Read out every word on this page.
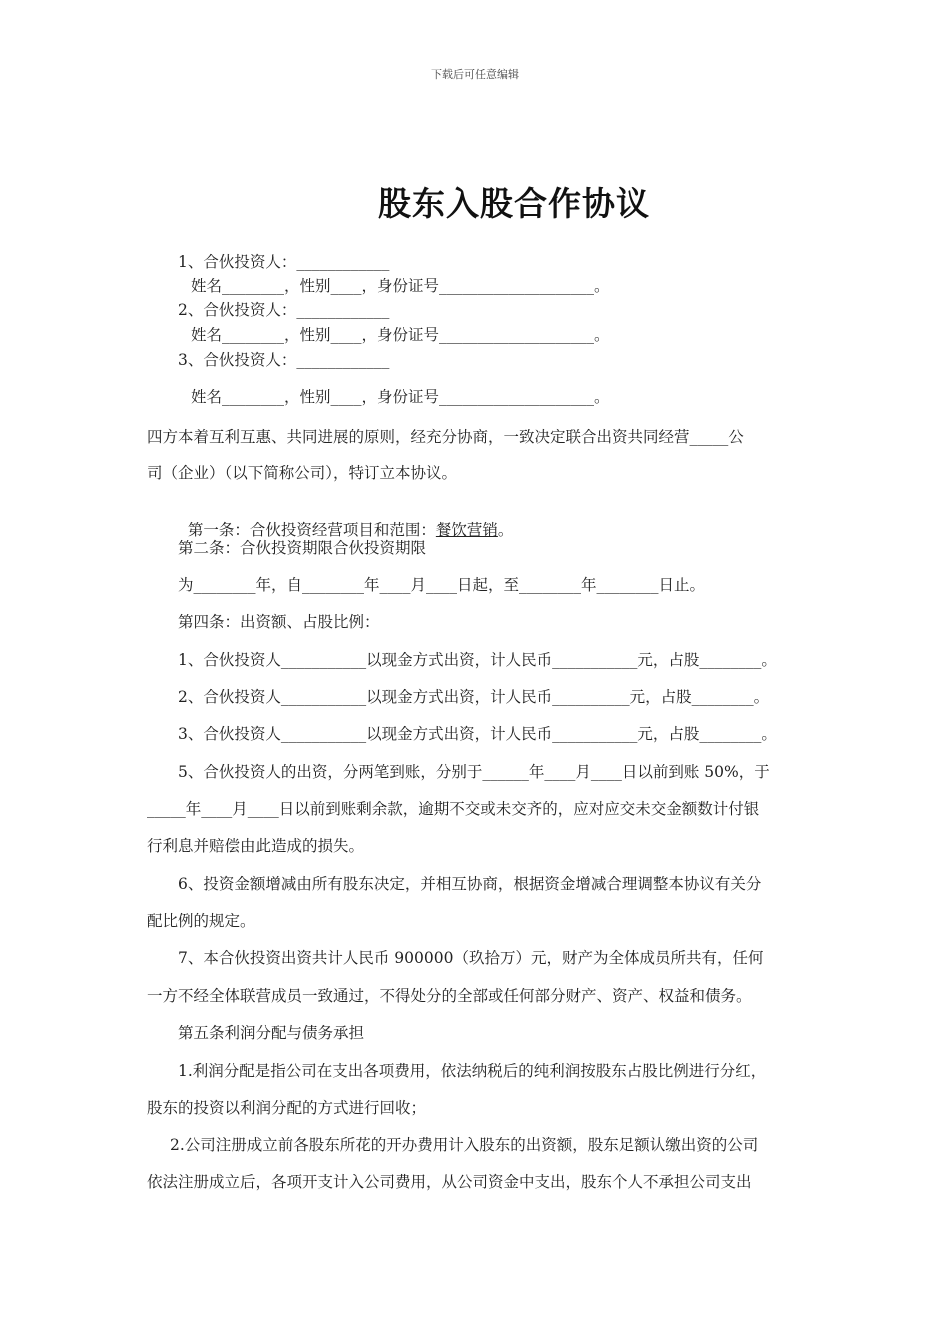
下载后可任意编辑
股东入股合作协议
1、合伙投资人：____________
姓名________，性别____，身份证号____________________。
2、合伙投资人：____________
姓名________，性别____，身份证号____________________。
3、合伙投资人：____________
姓名________，性别____，身份证号____________________。
四方本着互利互惠、共同进展的原则，经充分协商，一致决定联合出资共同经营_____公
司（企业）（以下简称公司），特订立本协议。

第一条：合伙投资经营项目和范围：餐饮营销。

第二条：合伙投资期限合伙投资期限
为________年，自________年____月____日起，至________年________日止。
第四条：出资额、占股比例：
1、合伙投资人___________以现金方式出资，计人民币___________元，占股________。
2、合伙投资人___________以现金方式出资，计人民币__________元，占股________。
3、合伙投资人___________以现金方式出资，计人民币___________元，占股________。
5、合伙投资人的出资，分两笔到账，分别于______年____月____日以前到账 50%，于
_____年____月____日以前到账剩余款，逾期不交或未交齐的，应对应交未交金额数计付银
行利息并赔偿由此造成的损失。
6、投资金额增减由所有股东决定，并相互协商，根据资金增减合理调整本协议有关分
配比例的规定。
7、本合伙投资出资共计人民币 900000（玖拾万）元，财产为全体成员所共有，任何
一方不经全体联营成员一致通过，不得处分的全部或任何部分财产、资产、权益和债务。
第五条利润分配与债务承担
1.利润分配是指公司在支出各项费用，依法纳税后的纯利润按股东占股比例进行分红，
股东的投资以利润分配的方式进行回收；
2.公司注册成立前各股东所花的开办费用计入股东的出资额，股东足额认缴出资的公司
依法注册成立后，各项开支计入公司费用，从公司资金中支出，股东个人不承担公司支出
